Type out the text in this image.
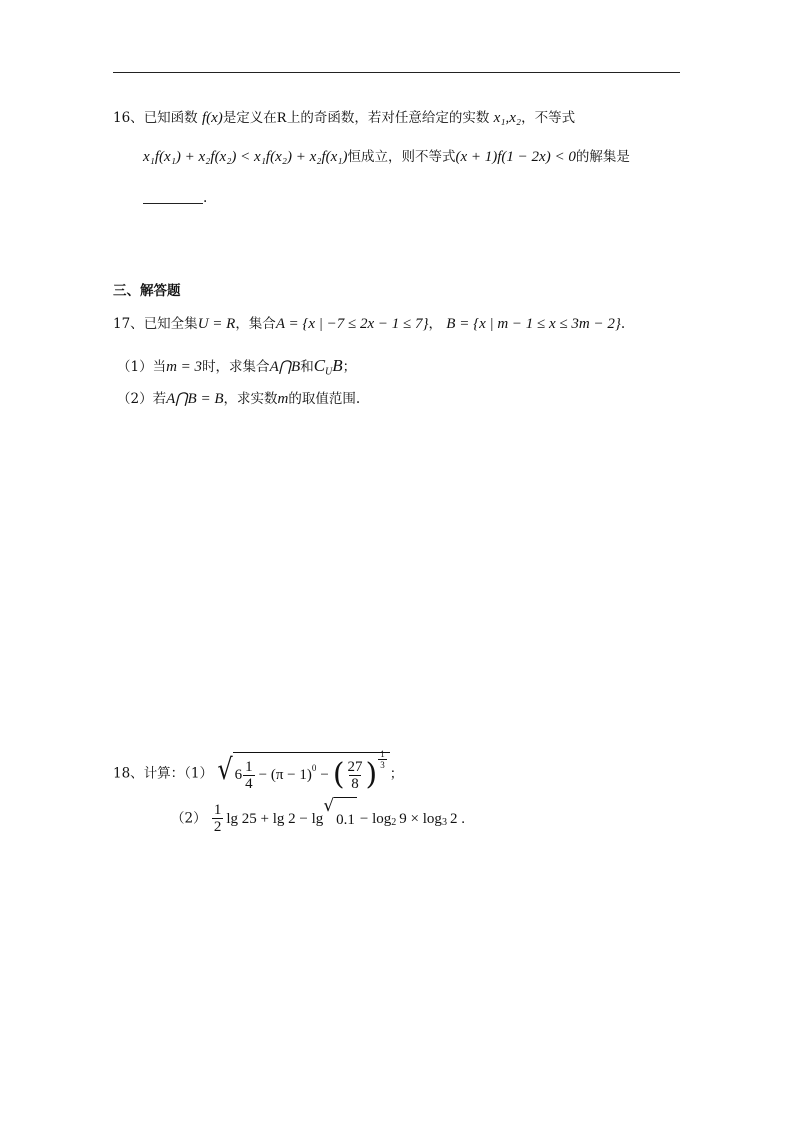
16、已知函数 f(x)是定义在R上的奇函数，若对任意给定的实数 x₁,x₂，不等式
x₁f(x₁) + x₂f(x₂) < x₁f(x₂) + x₂f(x₁)恒成立，则不等式(x + 1)f(1 − 2x) < 0的解集是
.
三、解答题
17、已知全集U = R，集合A = {x | −7 ≤ 2x − 1 ≤ 7}， B = {x | m − 1 ≤ x ≤ 3m − 2}.
（1）当m = 3时，求集合A⋂B和$C_UB$；
（2）若A⋂B = B，求实数m的取值范围.
18、计算：（1） √ $6 \frac{1}{4} - (\pi - 1)^0$ − ( $\frac{27}{8}$ ) $\frac{1}{3}$
；
$(2) \frac{1}{2}$ lg 25 + lg 2 − lg
√
$0.1 - \log_2 9 \times \log_3 2$ .
